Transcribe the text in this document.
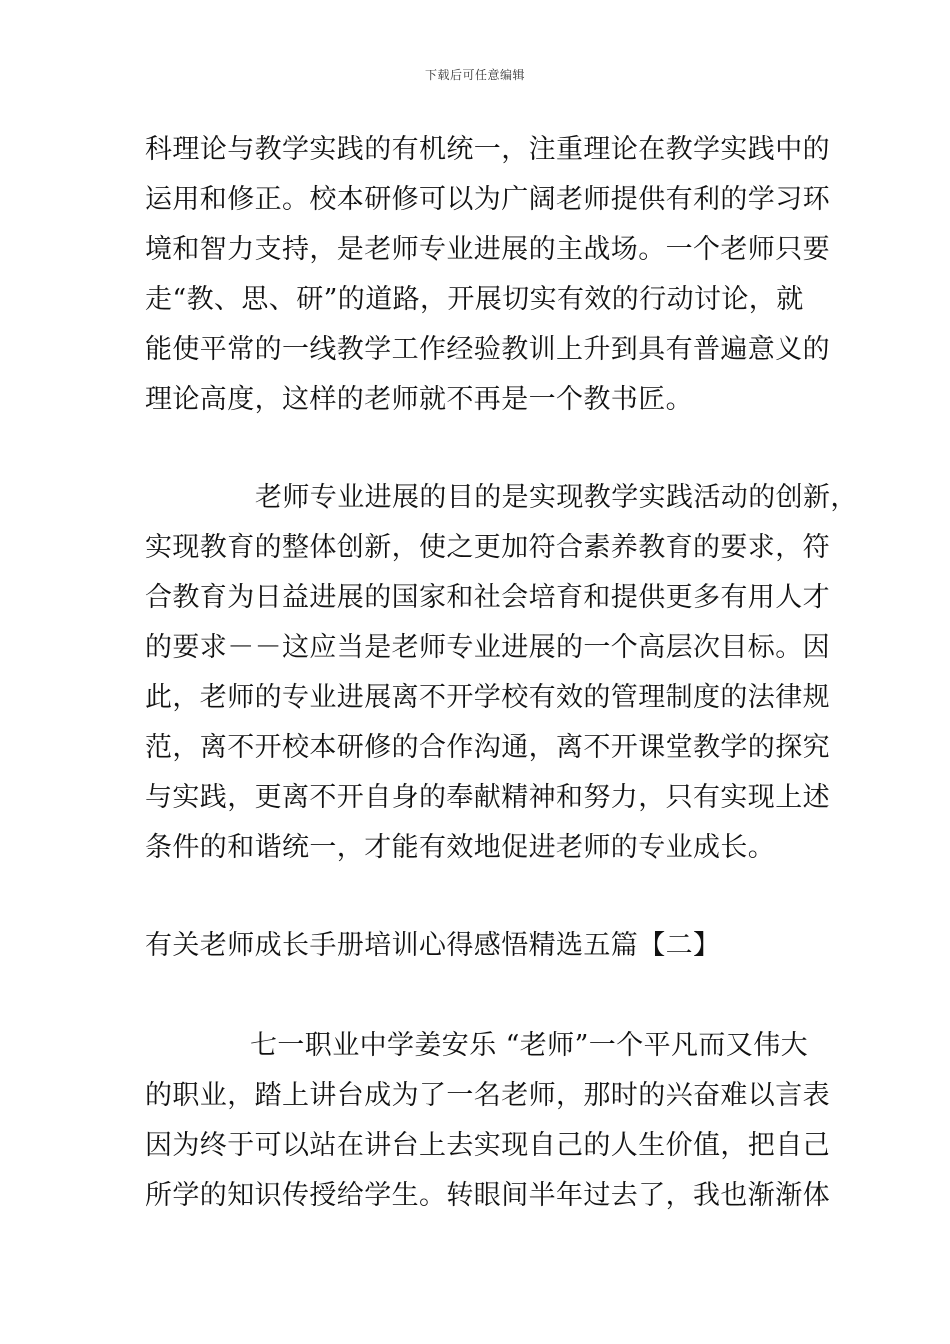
下载后可任意编辑
科理论与教学实践的有机统一，注重理论在教学实践中的
运用和修正。校本研修可以为广阔老师提供有利的学习环
境和智力支持，是老师专业进展的主战场。一个老师只要
走“教、思、研”的道路，开展切实有效的行动讨论，就
能使平常的一线教学工作经验教训上升到具有普遍意义的
理论高度，这样的老师就不再是一个教书匠。
老师专业进展的目的是实现教学实践活动的创新，
实现教育的整体创新，使之更加符合素养教育的要求，符
合教育为日益进展的国家和社会培育和提供更多有用人才
的要求－－这应当是老师专业进展的一个高层次目标。因
此，老师的专业进展离不开学校有效的管理制度的法律规
范，离不开校本研修的合作沟通，离不开课堂教学的探究
与实践，更离不开自身的奉献精神和努力，只有实现上述
条件的和谐统一，才能有效地促进老师的专业成长。
有关老师成长手册培训心得感悟精选五篇【二】
七一职业中学姜安乐 “老师”一个平凡而又伟大
的职业，踏上讲台成为了一名老师，那时的兴奋难以言表
因为终于可以站在讲台上去实现自己的人生价值，把自己
所学的知识传授给学生。转眼间半年过去了，我也渐渐体
